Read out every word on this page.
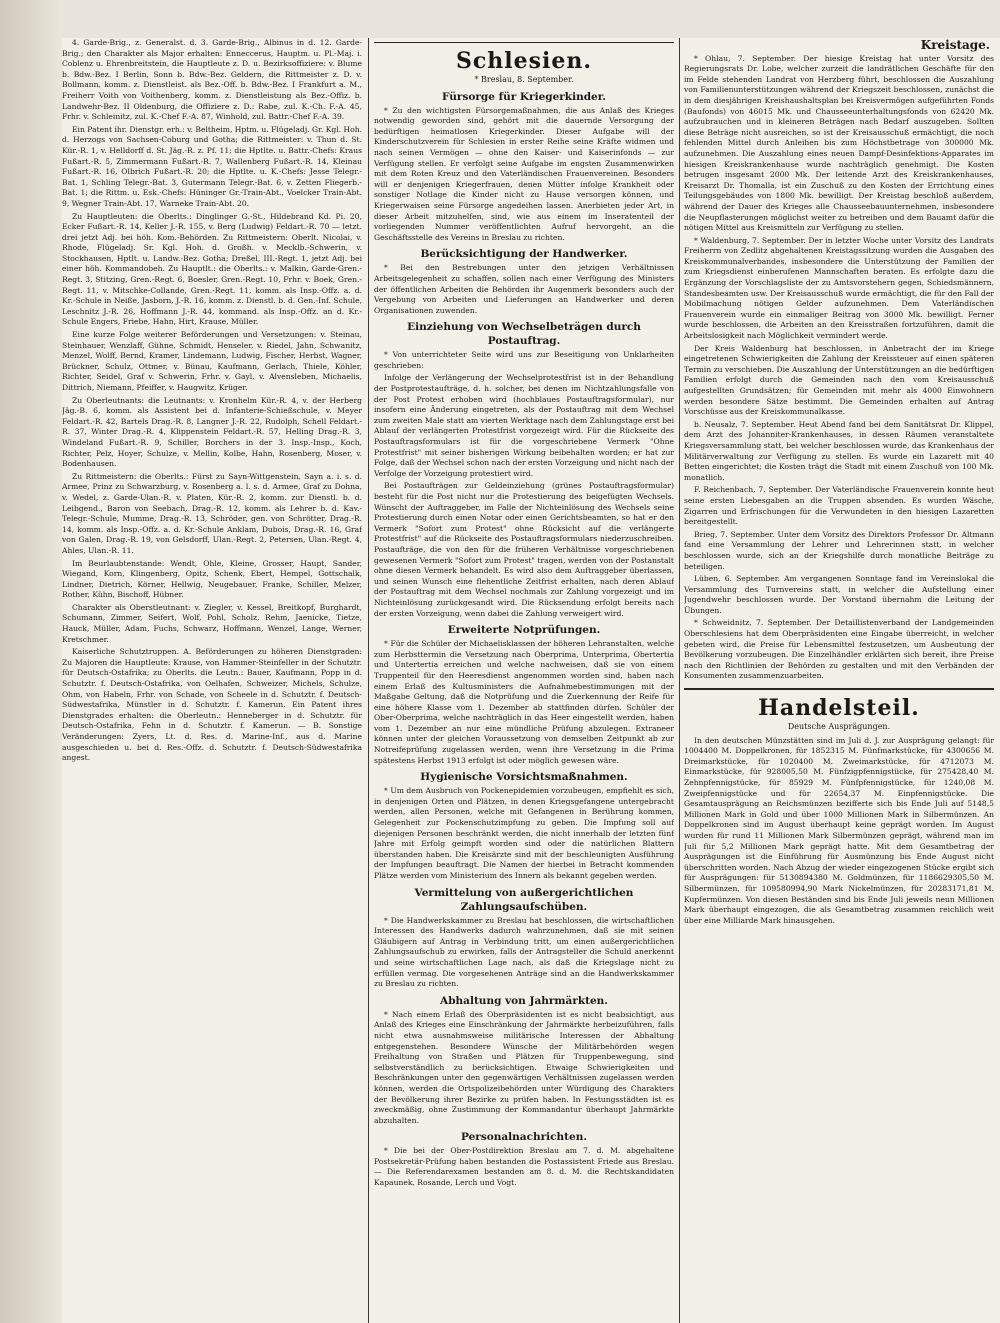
4. Garde-Brig., z. Generalst. d. 3. Garde-Brig., Albinus in d. 12. Garde-Brig.; den Charakter als Major erhalten: Enneccerus, Hauptm. u. Pl.-Maj. i. Coblenz u. Ehrenbreitstein, die Hauptleute z. D. u. Bezirksoffiziere: v. Blume b. Bdw.-Bez. I Berlin, Sonn b. Bdw.-Bez. Geldern, die Rittmeister z. D. v. Bollmann, komm. z. Dienstleist. als Bez.-Off. b. Bdw.-Bez. I Frankfurt a. M., Freiherr Voith von Voithenberg, komm. z. Dienstleistung als Bez.-Offiz. b. Landwehr-Bez. II Oldenburg, die Offiziere z. D.: Rabe, zul. K.-Ch. F.-A. 45, Frhr. v. Schleinitz, zul. K.-Chef F.-A. 87, Winhold, zul. Battr.-Chef F.-A. 39.

Ein Patent ihr. Dienstgr. erh.: v. Beltheim, Hptm. u. Flügeladj. Gr. Kgl. Hoh. d. Herzogs von Sachsen-Coburg und Gotha; die Rittmeister: v. Thun d. St. Kür.-R. 1, v. Helldorff d. St. Jäg.-R. z. Pf. 11; die Hptlte. u. Battr.-Chefs: Kraus Fußart.-R. 5, Zimmermann Fußart.-R. 7, Wallenberg Fußart.-R. 14, Kleinau Fußart.-R. 16, Olbrich Fußart.-R. 20; die Hptlte. u. K.-Chefs: Jesse Telegr.-Bat. 1, Schling Telegr.-Bat. 3, Gutermann Telegr.-Bat. 6, v. Zetten Fliegerb.-Bat. 1; die Rittm. u. Esk.-Chefs: Hüninger Gr.-Train-Abt., Voelcker Train-Abt. 9, Wegner Train-Abt. 17, Warneke Train-Abt. 20.

Zu Hauptleuten: die Oberlts.: Dinglinger G.-St., Hildebrand Kd. Pi. 20, Ecker Fußart.-R. 14, Keller J.-R. 155, v. Berg (Ludwig) Feldart.-R. 70 — letzt. drei jetzt Adj. bei höh. Kom.-Behörden. Zu Rittmeistern: Oberlt. Nicolai, v. Rhode, Flügeladj. Sr. Kgl. Hoh. d. Großh. v. Mecklb.-Schwerin, v. Stockhausen, Hptlt. u. Landw.-Bez. Gotha; Dreßel, III.-Regt. 1, jetzt Adj. bei einer höh. Kommandobeh. Zu Hauptlt.: die Oberlts.: v. Malkin, Garde-Gren.-Regt. 3, Stitzing, Gren.-Regt. 6, Boesler, Gren.-Regt. 10, Frhr. v. Boek, Gren.-Regt. 11, v. Mitschke-Collande, Gren.-Regt. 11, komm. als Insp.-Offz. a. d. Kr.-Schule in Neiße, Jasborn, J.-R. 16, komm. z. Dienstl. b. d. Gen.-Inf. Schule, Leschnitz J.-R. 26, Hoffmann J.-R. 44, kommand. als Insp.-Offz. an d. Kr.-Schule Engers, Friebe, Hahn, Hirt, Krause, Müller.

Eine kurze Folge weiterer Beförderungen und Versetzungen: v. Steinau, Steinhauer, Wenzlaff, Gühne, Schmidt, Henseler, v. Riedel, Jahn, Schwanitz, Menzel, Wolff, Bernd, Kramer, Lindemann, Ludwig, Fischer, Herbst, Wagner, Brückner, Schulz, Ottmer, v. Bünau, Kaufmann, Gerlach, Thiele, Köhler, Richter, Seidel, Graf v. Schwerin, Frhr. v. Gayl, v. Alvensleben, Michaelis, Dittrich, Niemann, Pfeiffer, v. Haugwitz, Krüger.

Zu Oberleutnants: die Leutnants: v. Kronhelm Kür.-R. 4, v. der Herberg Jäg.-B. 6, komm. als Assistent bei d. Infanterie-Schießschule, v. Meyer Feldart.-R. 42, Bartels Drag.-R. 8, Langner J.-R. 22, Rudolph, Schell Feldart.-R. 37, Winter Drag.-R. 4, Klippenstein Feldart.-R. 57, Helling Drag.-R. 3, Windeland Fußart.-R. 9, Schiller, Borchers in der 3. Insp.-Insp., Koch, Richter, Pelz, Hoyer, Schulze, v. Mellin, Kolbe, Hahn, Rosenberg, Moser, v. Bodenhausen.

Zu Rittmeistern: die Oberlts.: Fürst zu Sayn-Wittgenstein, Sayn a. i. s. d. Armee, Prinz zu Schwarzburg, v. Rosenberg a. l. s. d. Armee, Graf zu Dohna, v. Wedel, z. Garde-Ulan.-R. v. Platen, Kür.-R. 2, komm. zur Dienstl. b. d. Leibgend., Baron von Seebach, Drag.-R. 12, komm. als Lehrer b. d. Kav.-Telegr.-Schule, Mumme, Drag.-R. 13, Schröder, gen. von Schrötter, Drag.-R. 14, komm. als Insp.-Offz. a. d. Kr.-Schule Anklam, Dubois, Drag.-R. 16, Graf von Galen, Drag.-R. 19, von Gelsdorff, Ulan.-Regt. 2, Petersen, Ulan.-Regt. 4, Ahles, Ulan.-R. 11.

Im Beurlaubtenstande: Wendt, Ohle, Kleine, Grosser, Haupt, Sander, Wiegand, Korn, Klingenberg, Opitz, Schenk, Ebert, Hempel, Gottschalk, Lindner, Dietrich, Körner, Hellwig, Neugebauer, Franke, Schiller, Melzer, Rother, Kühn, Bischoff, Hübner.

Charakter als Oberstleutnant: v. Ziegler, v. Kessel, Breitkopf, Burghardt, Schumann, Zimmer, Seifert, Wolf, Pohl, Scholz, Rehm, Jaenicke, Tietze, Hauck, Müller, Adam, Fuchs, Schwarz, Hoffmann, Wenzel, Lange, Werner, Kretschmer.

Kaiserliche Schutztruppen. A. Beförderungen zu höheren Dienstgraden: Zu Majoren die Hauptleute: Krause, von Hammer-Steinfeller in der Schutztr. für Deutsch-Ostafrika; zu Oberlts. die Leutn.: Bauer, Kaufmann, Popp in d. Schutztr. f. Deutsch-Ostafrika, von Oelhafen, Schweizer, Michels, Schulze, Ohm, von Habeln, Frhr. von Schade, von Scheele in d. Schutztr. f. Deutsch-Südwestafrika, Münstler in d. Schutztr. f. Kamerun. Ein Patent ihres Dienstgrades erhalten: die Oberleutn.: Henneberger in d. Schutztr. für Deutsch-Ostafrika, Fehn in d. Schutztr. f. Kamerun. — B. Sonstige Veränderungen: Zyers, Lt. d. Res. d. Marine-Inf., aus d. Marine ausgeschieden u. bei d. Res.-Offz. d. Schutztr. f. Deutsch-Südwestafrika angest.

Schlesien.

* Breslau, 8. September.

Fürsorge für Kriegerkinder.

* Zu den wichtigsten Fürsorgemaßnahmen, die aus Anlaß des Krieges notwendig geworden sind, gehört mit die dauernde Versorgung der bedürftigen heimatlosen Kriegerkinder. Dieser Aufgabe will der Kinderschutzverein für Schlesien in erster Reihe seine Kräfte widmen und nach seinen Vermögen — ohne den Kaiser- und Kaiserinfonds — zur Verfügung stellen. Er verfolgt seine Aufgabe im engsten Zusammenwirken mit dem Roten Kreuz und den Vaterländischen Frauenvereinen. Besonders will er denjenigen Kriegerfrauen, denen Mütter infolge Krankheit oder sonstiger Notlage die Kinder nicht zu Hause versorgen können, und Kriegerwaisen seine Fürsorge angedeihen lassen. Anerbieten jeder Art, in dieser Arbeit mitzuhelfen, sind, wie aus einem im Inseratenteil der vorliegenden Nummer veröffentlichten Aufruf hervorgeht, an die Geschäftsstelle des Vereins in Breslau zu richten.

Berücksichtigung der Handwerker.

* Bei den Bestrebungen unter den jetzigen Verhältnissen Arbeitsgelegenheit zu schaffen, sollen nach einer Verfügung des Ministers der öffentlichen Arbeiten die Behörden ihr Augenmerk besonders auch der Vergebung von Arbeiten und Lieferungen an Handwerker und deren Organisationen zuwenden.

Einziehung von Wechselbeträgen durch Postauftrag.

* Von unterrichteter Seite wird uns zur Beseitigung von Unklarheiten geschrieben:

Infolge der Verlängerung der Wechselprotestfrist ist in der Behandlung der Postprotestaufträge, d. h. solcher, bei denen im Nichtzahlungsfalle von der Post Protest erhoben wird (hochblaues Postauftragsformular), nur insofern eine Änderung eingetreten, als der Postauftrag mit dem Wechsel zum zweiten Male statt am vierten Werktage nach dem Zahlungstage erst bei Ablauf der verlängerten Protestfrist vorgezeigt wird. Für die Rückseite des Postauftragsformulars ist für die vorgeschriebene Vermerk "Ohne Protestfrist" mit seiner bisherigen Wirkung beibehalten worden; er hat zur Folge, daß der Wechsel schon nach der ersten Vorzeigung und nicht nach der Verfolge der Vorzeigung protestiert wird.

Bei Postaufträgen zur Geldeinziehung (grünes Postauftragsformular) besteht für die Post nicht nur die Protestierung des beigefügten Wechsels. Wünscht der Auftraggeber, im Falle der Nichteinlösung des Wechsels seine Protestierung durch einen Notar oder einen Gerichtsbeamten, so hat er den Vermerk "Sofort zum Protest" ohne Rücksicht auf die verlängerte Protestfrist" auf die Rückseite des Postauftragsformulars niederzuschreiben. Postaufträge, die von den für die früheren Verhältnisse vorgeschriebenen gewesenen Vermerk "Sofort zum Protest" tragen, werden von der Postanstalt ohne diesen Vermerk behandelt. Es wird also dem Auftraggeber überlassen, und seinen Wunsch eine flehentliche Zeitfrist erhalten, nach deren Ablauf der Postauftrag mit dem Wechsel nochmals zur Zahlung vorgezeigt und im Nichteinlösung zurückgesandt wird. Die Rücksendung erfolgt bereits nach der ersten Vorzeigung, wenn dabei die Zahlung verweigert wird.

Erweiterte Notprüfungen.

* Für die Schüler der Michaelisklassen der höheren Lehranstalten, welche zum Herbsttermin die Versetzung nach Oberprima, Unterprima, Obertertia und Untertertia erreichen und welche nachweisen, daß sie von einem Truppenteil für den Heeresdienst angenommen worden sind, haben nach einem Erlaß des Kultusministers die Aufnahmebestimmungen mit der Maßgabe Geltung, daß die Notprüfung und die Zuerkennung der Reife für eine höhere Klasse vom 1. Dezember ab stattfinden dürfen. Schüler der Ober-Oberprima, welche nachträglich in das Heer eingestellt werden, haben vom 1. Dezember an nur eine mündliche Prüfung abzulegen. Extraneer können unter der gleichen Voraussetzung von demselben Zeitpunkt ab zur Notreifeprüfung zugelassen werden, wenn ihre Versetzung in die Prima spätestens Herbst 1913 erfolgt ist oder möglich gewesen wäre.

Hygienische Vorsichtsmaßnahmen.

* Um dem Ausbruch von Pockenepidemien vorzubeugen, empfiehlt es sich, in denjenigen Orten und Plätzen, in denen Kriegsgefangene untergebracht werden, allen Personen, welche mit Gefangenen in Berührung kommen, Gelegenheit zur Pockenschutzimpfung zu geben. Die Impfung soll auf diejenigen Personen beschränkt werden, die nicht innerhalb der letzten fünf Jahre mit Erfolg geimpft worden sind oder die natürlichen Blattern überstanden haben. Die Kreisärzte sind mit der beschleunigten Ausführung der Impfungen beauftragt. Die Namen der hierbei in Betracht kommenden Plätze werden vom Ministerium des Innern als bekannt gegeben werden.

Vermittelung von außergerichtlichen Zahlungsaufschüben.

* Die Handwerkskammer zu Breslau hat beschlossen, die wirtschaftlichen Interessen des Handwerks dadurch wahrzunehmen, daß sie mit seinen Gläubigern auf Antrag in Verbindung tritt, um einen außergerichtlichen Zahlungsaufschub zu erwirken, falls der Antragsteller die Schuld anerkennt und seine wirtschaftlichen Lage nach, als daß die Kriegslage nicht zu erfüllen vermag. Die vorgesehenen Anträge sind an die Handwerkskammer zu Breslau zu richten.

Abhaltung von Jahrmärkten.

* Nach einem Erlaß des Oberpräsidenten ist es nicht beabsichtigt, aus Anlaß des Krieges eine Einschränkung der Jahrmärkte herbeizuführen, falls nicht etwa ausnahmsweise militärische Interessen der Abhaltung entgegenstehen. Besondere Wünsche der Militärbehörden wegen Freihaltung von Straßen und Plätzen für Truppenbewegung, sind selbstverständlich zu berücksichtigen. Etwaige Schwierigkeiten und Beschränkungen unter den gegenwärtigen Verhältnissen zugelassen werden können, werden die Ortspolizeibehörden unter Würdigung des Charakters der Bevölkerung ihrer Bezirke zu prüfen haben. In Festungsstädten ist es zweckmäßig, ohne Zustimmung der Kommandantur überhaupt Jahrmärkte abzuhalten.

Personalnachrichten.

* Die bei der Ober-Postdirektion Breslau am 7. d. M. abgehaltene Postsekretär-Prüfung haben bestanden die Postassistent Friede aus Breslau. — Die Referendarexamen bestanden am 8. d. M. die Rechtskandidaten Kapaunek, Rosande, Lerch und Vogt.

Kreistage.

* Ohlau, 7. September. Der hiesige Kreistag hat unter Vorsitz des Regierungsrats Dr. Lobe, welcher zurzeit die landrätlichen Geschäfte für den im Felde stehenden Landrat von Herzberg führt, beschlossen die Auszahlung von Familienunterstützungen während der Kriegszeit beschlossen, zunächst die in dem diesjährigen Kreishaushaltsplan bei Kreisvermögen aufgeführten Fonds (Baufonds) von 46015 Mk. und Chausseeunterhaltungsfonds von 62420 Mk. aufzubrauchen und in kleineren Beträgen nach Bedarf auszugeben. Sollten diese Beträge nicht ausreichen, so ist der Kreisausschuß ermächtigt, die noch fehlenden Mittel durch Anleihen bis zum Höchstbetrage von 300000 Mk. aufzunehmen. Die Auszahlung eines neuen Dampf-Desinfektions-Apparates im hiesigen Kreiskrankenhause wurde nachträglich genehmigt. Die Kosten betrugen insgesamt 2000 Mk. Der leitende Arzt des Kreiskrankenhauses, Kreisarzt Dr. Thomalla, ist ein Zuschuß zu den Kosten der Errichtung eines Teilungsgebäudes von 1800 Mk. bewilligt. Der Kreistag beschloß außerdem, während der Dauer des Krieges alle Chausseebauunternehmen, insbesondere die Neupflasterungen möglichst weiter zu betreiben und dem Bauamt dafür die nötigen Mittel aus Kreismitteln zur Verfügung zu stellen.

* Waldenburg, 7. September. Der in letzter Woche unter Vorsitz des Landrats Freiherrn von Zedlitz abgehaltenen Kreistagssitzung wurden die Ausgaben des Kreiskommunalverbandes, insbesondere die Unterstützung der Familien der zum Kriegsdienst einberufenen Mannschaften beraten. Es erfolgte dazu die Ergänzung der Vorschlagsliste der zu Amtsvorstehern gegen, Schiedsmännern, Standesbeamten usw. Der Kreisausschuß wurde ermächtigt, die für den Fall der Mobilmachung nötigen Gelder aufzunehmen. Dem Vaterländischen Frauenverein wurde ein einmaliger Beitrag von 3000 Mk. bewilligt. Ferner wurde beschlossen, die Arbeiten an den Kreisstraßen fortzuführen, damit die Arbeitslosigkeit nach Möglichkeit vermindert werde.

Der Kreis Waldenburg hat beschlossen, in Anbetracht der im Kriege eingetretenen Schwierigkeiten die Zahlung der Kreissteuer auf einen späteren Termin zu verschieben. Die Auszahlung der Unterstützungen an die bedürftigen Familien erfolgt durch die Gemeinden nach den vom Kreisausschuß aufgestellten Grundsätzen; für Gemeinden mit mehr als 4000 Einwohnern werden besondere Sätze bestimmt. Die Gemeinden erhalten auf Antrag Vorschüsse aus der Kreiskommunalkasse.

b. Neusalz, 7. September. Heut Abend fand bei dem Sanitätsrat Dr. Klippel, dem Arzt des Johanniter-Krankenhauses, in dessen Räumen veranstaltete Kriegsversammlung statt, bei welcher beschlossen wurde, das Krankenhaus der Militärverwaltung zur Verfügung zu stellen. Es wurde ein Lazarett mit 40 Betten eingerichtet; die Kosten trägt die Stadt mit einem Zuschuß von 100 Mk. monatlich.

F. Reichenbach, 7. September. Der Vaterländische Frauenverein konnte heut seine ersten Liebesgaben an die Truppen absenden. Es wurden Wäsche, Zigarren und Erfrischungen für die Verwundeten in den hiesigen Lazaretten bereitgestellt.

Brieg, 7. September. Unter dem Vorsitz des Direktors Professor Dr. Altmann fand eine Versammlung der Lehrer und Lehrerinnen statt, in welcher beschlossen wurde, sich an der Kriegshilfe durch monatliche Beiträge zu beteiligen.

Lüben, 6. September. Am vergangenen Sonntage fand im Vereinslokal die Versammlung des Turnvereins statt, in welcher die Aufstellung einer Jugendwehr beschlossen wurde. Der Vorstand übernahm die Leitung der Übungen.

* Schweidnitz, 7. September. Der Detaillistenverband der Landgemeinden Oberschlesiens hat dem Oberpräsidenten eine Eingabe überreicht, in welcher gebeten wird, die Preise für Lebensmittel festzusetzen, um Ausbeutung der Bevölkerung vorzubeugen. Die Einzelhändler erklärten sich bereit, ihre Preise nach den Richtlinien der Behörden zu gestalten und mit den Verbänden der Konsumenten zusammenzuarbeiten.

Handelsteil.

Deutsche Ausprägungen.

In den deutschen Münzstätten sind im Juli d. J. zur Ausprägung gelangt: für 1004400 M. Doppelkronen, für 1852315 M. Fünfmarkstücke, für 4300656 M. Dreimarkstücke, für 1020400 M. Zweimarkstücke, für 4712073 M. Einmarkstücke, für 928005,50 M. Fünfzigpfennigstücke, für 275428,40 M. Zehnpfennigstücke, für 85929 M. Fünfpfennigstücke, für 1240,08 M. Zweipfennigstücke und für 22654,37 M. Einpfennigstücke. Die Gesamtausprägung an Reichsmünzen bezifferte sich bis Ende Juli auf 5148,5 Millionen Mark in Gold und über 1000 Millionen Mark in Silbermünzen. An Doppelkronen sind im August überhaupt keine geprägt worden. Im August wurden für rund 11 Millionen Mark Silbermünzen geprägt, während man im Juli für 5,2 Millionen Mark geprägt hatte. Mit dem Gesamtbetrag der Ausprägungen ist die Einführung für Ausmünzung bis Ende August nicht überschritten worden. Nach Abzug der wieder eingezogenen Stücke ergibt sich für Ausprägungen: für 5130894380 M. Goldmünzen, für 1186629305,50 M. Silbermünzen, für 109580994,90 Mark Nickelmünzen, für 20283171,81 M. Kupfermünzen. Von diesen Beständen sind bis Ende Juli jeweils neun Millionen Mark überhaupt eingezogen, die als Gesamtbetrag zusammen reichlich weit über eine Milliarde Mark hinausgehen.
